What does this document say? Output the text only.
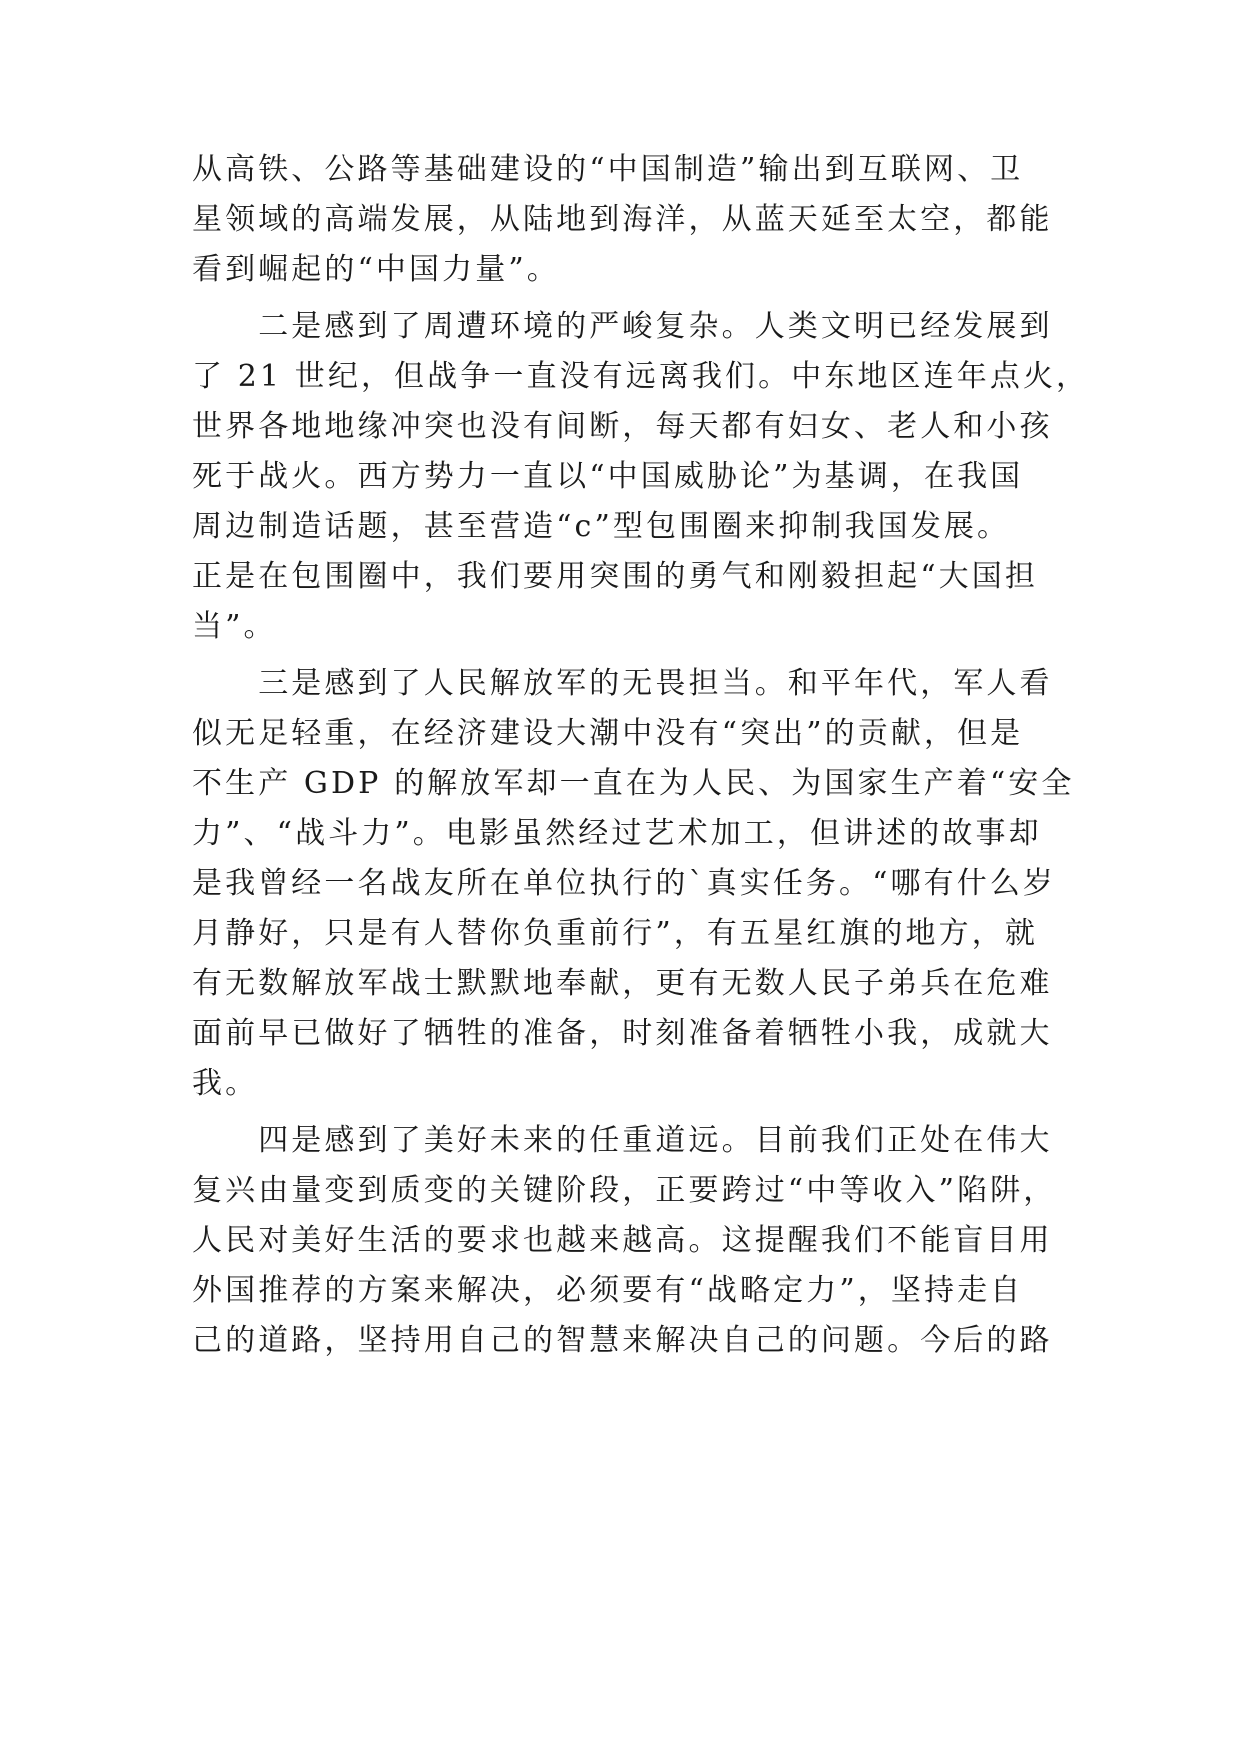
从高铁、公路等基础建设的“中国制造”输出到互联网、卫
星领域的高端发展，从陆地到海洋，从蓝天延至太空，都能
看到崛起的“中国力量”。
　　二是感到了周遭环境的严峻复杂。人类文明已经发展到
了 21 世纪，但战争一直没有远离我们。中东地区连年点火，
世界各地地缘冲突也没有间断，每天都有妇女、老人和小孩
死于战火。西方势力一直以“中国威胁论”为基调，在我国
周边制造话题，甚至营造“c”型包围圈来抑制我国发展。
正是在包围圈中，我们要用突围的勇气和刚毅担起“大国担
当”。
　　三是感到了人民解放军的无畏担当。和平年代，军人看
似无足轻重，在经济建设大潮中没有“突出”的贡献，但是
不生产 GDP 的解放军却一直在为人民、为国家生产着“安全
力”、“战斗力”。电影虽然经过艺术加工，但讲述的故事却
是我曾经一名战友所在单位执行的`真实任务。“哪有什么岁
月静好，只是有人替你负重前行”，有五星红旗的地方，就
有无数解放军战士默默地奉献，更有无数人民子弟兵在危难
面前早已做好了牺牲的准备，时刻准备着牺牲小我，成就大
我。
　　四是感到了美好未来的任重道远。目前我们正处在伟大
复兴由量变到质变的关键阶段，正要跨过“中等收入”陷阱，
人民对美好生活的要求也越来越高。这提醒我们不能盲目用
外国推荐的方案来解决，必须要有“战略定力”，坚持走自
己的道路，坚持用自己的智慧来解决自己的问题。今后的路
